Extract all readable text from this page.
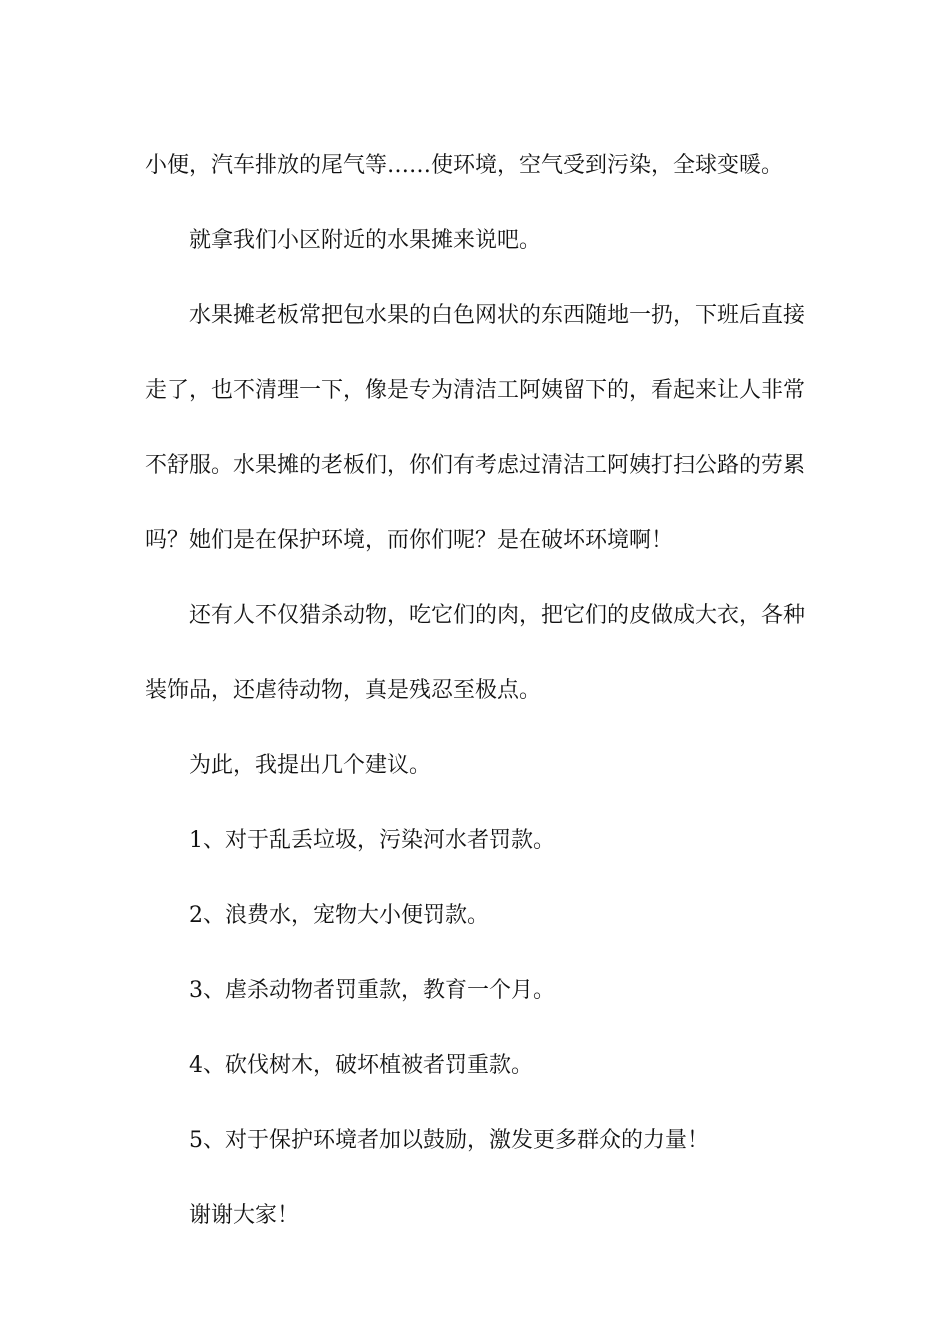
小便，汽车排放的尾气等……使环境，空气受到污染，全球变暖。

就拿我们小区附近的水果摊来说吧。

水果摊老板常把包水果的白色网状的东西随地一扔，下班后直接走了，也不清理一下，像是专为清洁工阿姨留下的，看起来让人非常不舒服。水果摊的老板们，你们有考虑过清洁工阿姨打扫公路的劳累吗？她们是在保护环境，而你们呢？是在破坏环境啊！

还有人不仅猎杀动物，吃它们的肉，把它们的皮做成大衣，各种装饰品，还虐待动物，真是残忍至极点。

为此，我提出几个建议。

1、对于乱丢垃圾，污染河水者罚款。

2、浪费水，宠物大小便罚款。

3、虐杀动物者罚重款，教育一个月。

4、砍伐树木，破坏植被者罚重款。

5、对于保护环境者加以鼓励，激发更多群众的力量！

谢谢大家！
